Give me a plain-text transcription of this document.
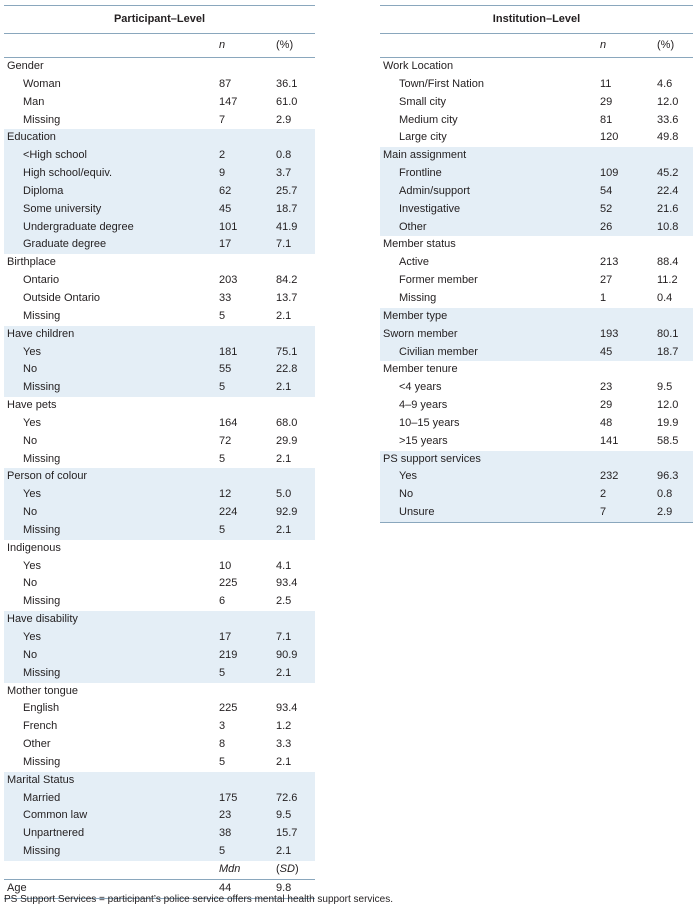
Participant–Level
n	(%)
Gender
Woman	87	36.1
Man	147	61.0
Missing	7	2.9
Education
<High school	2	0.8
High school/equiv.	9	3.7
Diploma	62	25.7
Some university	45	18.7
Undergraduate degree	101	41.9
Graduate degree	17	7.1
Birthplace
Ontario	203	84.2
Outside Ontario	33	13.7
Missing	5	2.1
Have children
Yes	181	75.1
No	55	22.8
Missing	5	2.1
Have pets
Yes	164	68.0
No	72	29.9
Missing	5	2.1
Person of colour
Yes	12	5.0
No	224	92.9
Missing	5	2.1
Indigenous
Yes	10	4.1
No	225	93.4
Missing	6	2.5
Have disability
Yes	17	7.1
No	219	90.9
Missing	5	2.1
Mother tongue
English	225	93.4
French	3	1.2
Other	8	3.3
Missing	5	2.1
Marital Status
Married	175	72.6
Common law	23	9.5
Unpartnered	38	15.7
Missing	5	2.1
Mdn	(SD)
Age	44	9.8
Institution–Level
n	(%)
Work Location
Town/First Nation	11	4.6
Small city	29	12.0
Medium city	81	33.6
Large city	120	49.8
Main assignment
Frontline	109	45.2
Admin/support	54	22.4
Investigative	52	21.6
Other	26	10.8
Member status
Active	213	88.4
Former member	27	11.2
Missing	1	0.4
Member type
Sworn member	193	80.1
Civilian member	45	18.7
Member tenure
<4 years	23	9.5
4–9 years	29	12.0
10–15 years	48	19.9
>15 years	141	58.5
PS support services
Yes	232	96.3
No	2	0.8
Unsure	7	2.9
PS Support Services = participant’s police service offers mental health support services.
